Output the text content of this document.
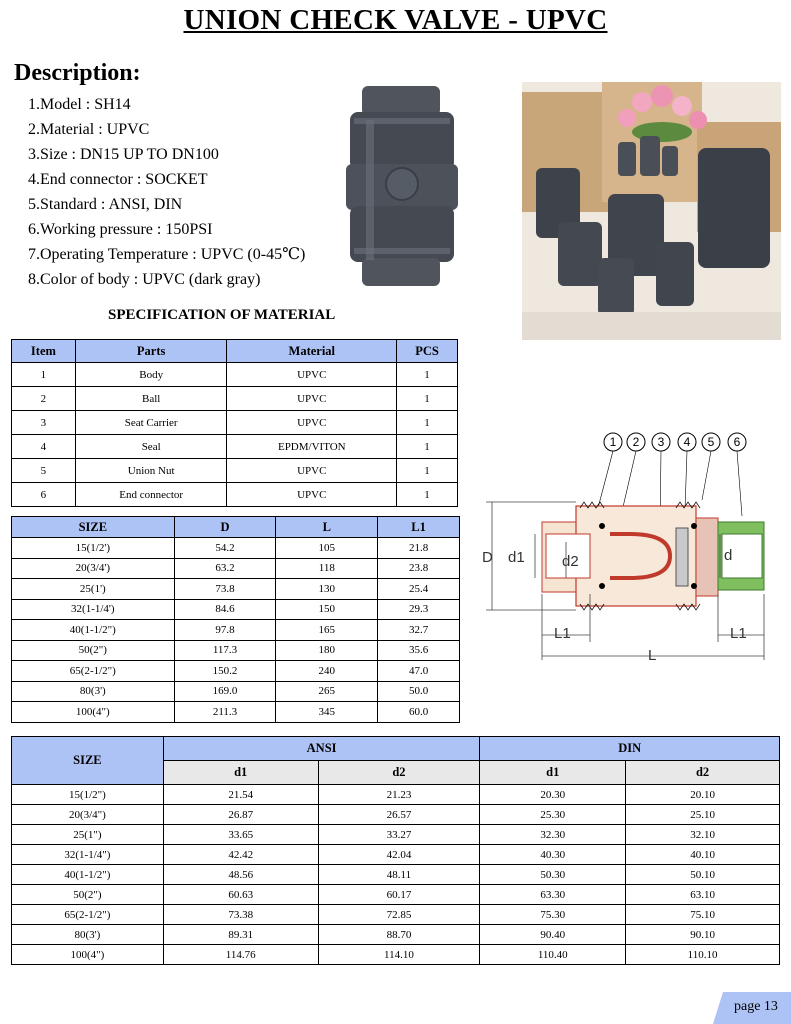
UNION CHECK VALVE - UPVC
Description:
1.Model : SH14
2.Material : UPVC
3.Size : DN15 UP TO DN100
4.End connector : SOCKET
5.Standard : ANSI, DIN
6.Working pressure : 150PSI
7.Operating Temperature : UPVC (0-45℃)
8.Color of body : UPVC (dark gray)
SPECIFICATION OF MATERIAL
Item	Parts	Material	PCS
1	Body	UPVC	1
2	Ball	UPVC	1
3	Seat Carrier	UPVC	1
4	Seal	EPDM/VITON	1
5	Union Nut	UPVC	1
6	End connector	UPVC	1
SIZE	D	L	L1
15(1/2')	54.2	105	21.8
20(3/4')	63.2	118	23.8
25(1')	73.8	130	25.4
32(1-1/4')	84.6	150	29.3
40(1-1/2")	97.8	165	32.7
50(2")	117.3	180	35.6
65(2-1/2")	150.2	240	47.0
80(3')	169.0	265	50.0
100(4")	211.3	345	60.0
1 2 3 4 5 6
D d1 d2	d
L1	L1
L
SIZE	ANSI		DIN	
	d1	d2	d1	d2
15(1/2")	21.54	21.23	20.30	20.10
20(3/4")	26.87	26.57	25.30	25.10
25(1")	33.65	33.27	32.30	32.10
32(1-1/4")	42.42	42.04	40.30	40.10
40(1-1/2")	48.56	48.11	50.30	50.10
50(2")	60.63	60.17	63.30	63.10
65(2-1/2")	73.38	72.85	75.30	75.10
80(3')	89.31	88.70	90.40	90.10
100(4")	114.76	114.10	110.40	110.10
page 13
